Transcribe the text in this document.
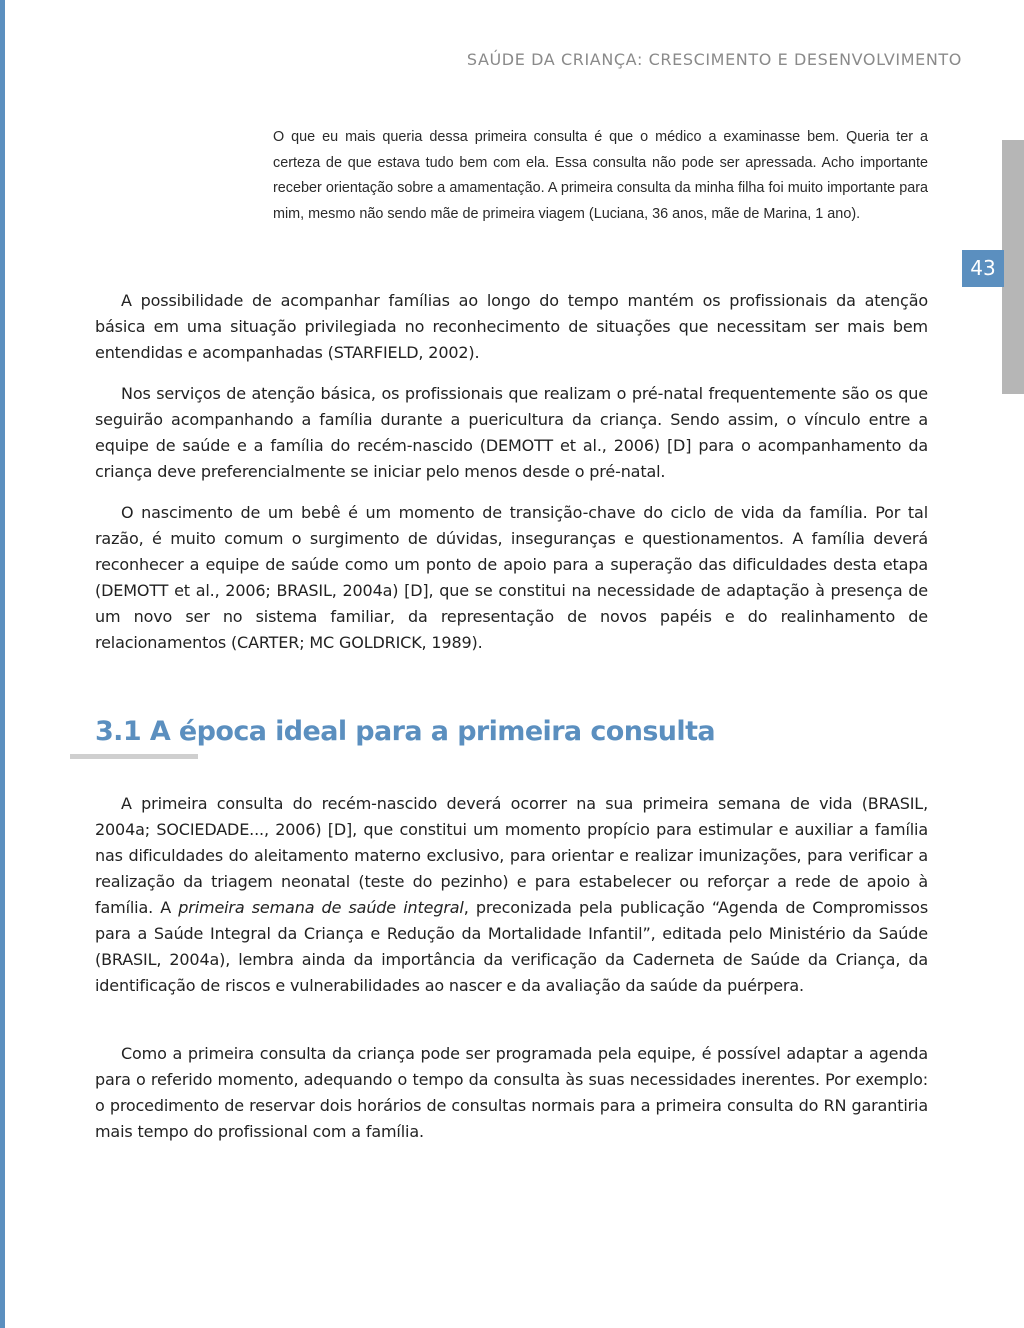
43
SAÚDE DA CRIANÇA: CRESCIMENTO E DESENVOLVIMENTO

O que eu mais queria dessa primeira consulta é que o médico a examinasse bem. Queria ter a certeza de que estava tudo bem com ela. Essa consulta não pode ser apressada. Acho importante receber orientação sobre a amamentação. A primeira consulta da minha filha foi muito importante para mim, mesmo não sendo mãe de primeira viagem (Luciana, 36 anos, mãe de Marina, 1 ano).

A possibilidade de acompanhar famílias ao longo do tempo mantém os profissionais da atenção básica em uma situação privilegiada no reconhecimento de situações que necessitam ser mais bem entendidas e acompanhadas (STARFIELD, 2002).

Nos serviços de atenção básica, os profissionais que realizam o pré-natal frequentemente são os que seguirão acompanhando a família durante a puericultura da criança. Sendo assim, o vínculo entre a equipe de saúde e a família do recém-nascido (DEMOTT et al., 2006) [D] para o acompanhamento da criança deve preferencialmente se iniciar pelo menos desde o pré-natal.

O nascimento de um bebê é um momento de transição-chave do ciclo de vida da família. Por tal razão, é muito comum o surgimento de dúvidas, inseguranças e questionamentos. A família deverá reconhecer a equipe de saúde como um ponto de apoio para a superação das dificuldades desta etapa (DEMOTT et al., 2006; BRASIL, 2004a) [D], que se constitui na necessidade de adaptação à presença de um novo ser no sistema familiar, da representação de novos papéis e do realinhamento de relacionamentos (CARTER; MC GOLDRICK, 1989).

3.1 A época ideal para a primeira consulta

A primeira consulta do recém-nascido deverá ocorrer na sua primeira semana de vida (BRASIL, 2004a; SOCIEDADE..., 2006) [D], que constitui um momento propício para estimular e auxiliar a família nas dificuldades do aleitamento materno exclusivo, para orientar e realizar imunizações, para verificar a realização da triagem neonatal (teste do pezinho) e para estabelecer ou reforçar a rede de apoio à família. A primeira semana de saúde integral, preconizada pela publicação “Agenda de Compromissos para a Saúde Integral da Criança e Redução da Mortalidade Infantil”, editada pelo Ministério da Saúde (BRASIL, 2004a), lembra ainda da importância da verificação da Caderneta de Saúde da Criança, da identificação de riscos e vulnerabilidades ao nascer e da avaliação da saúde da puérpera.

Como a primeira consulta da criança pode ser programada pela equipe, é possível adaptar a agenda para o referido momento, adequando o tempo da consulta às suas necessidades inerentes. Por exemplo: o procedimento de reservar dois horários de consultas normais para a primeira consulta do RN garantiria mais tempo do profissional com a família.
